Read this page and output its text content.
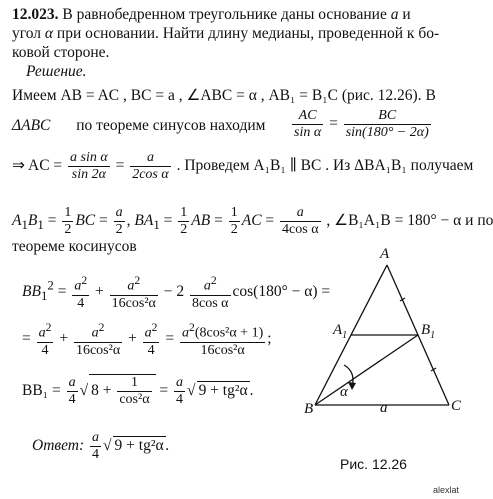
12.023. В равнобедренном треугольнике даны основание a и
угол α при основании. Найти длину медианы, проведенной к бо-
ковой стороне.
Решение.
Имеем AB = AC , BC = a , ∠ABC = α , AB₁ = B₁C (рис. 12.26). В
ΔABC по теореме синусов находим $\frac{AC}{\text{sin α}} = \frac{BC}{\sin(180^\circ - 2\alpha)}$
⇒ AC = $\frac{\text{a sin α}}{\sin 2\alpha} = \frac{a}{\text{2cos α}}$ . Проведем A₁B₁ ∥ BC . Из ΔBA₁B₁ получаем
$A_1B_1 = \frac{1}{2}$ BC = $\frac{a}{2}$ , $BA_1 = \frac{1}{2}$ AB = $\frac{1}{2}$ AC = $\frac{a}{\text{4cos α}}$ , ∠B₁A₁B = 180° − α и по
теореме косинусов
$BB_1^2 = \frac{a^2}{4} + \frac{a^2}{\text{16cos²α}} - 2 \frac{a^2}{\text{8cos α}} \cos(180^\circ - \alpha)$ =
= $\frac{a^2}{4} + \frac{a^2}{\text{16cos²α}} + \frac{a^2}{4} = \frac{a^2(8\cos^2\alpha + 1)}{\text{16cos²α}}$ ;
$BB_1 = \frac{a}{4}$ √ $8 + \frac{1}{\text{cos²α}} = \frac{a}{4}$ √ 9 + tg²α .
Ответ: $\frac{a}{4}$ √ 9 + tg²α .
A
$A_1$	$B_1$
B	C
α
a
Рис. 12.26
alexlat
